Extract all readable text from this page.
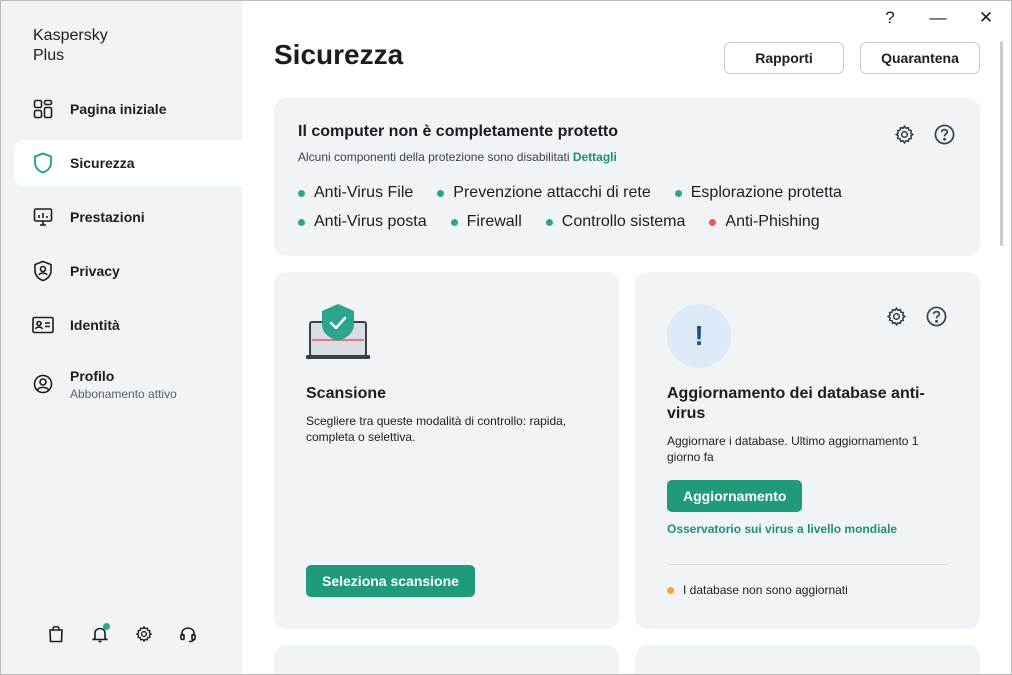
Kaspersky
Plus
Pagina iniziale
Sicurezza
Prestazioni
Privacy
Identità
Profilo
Abbonamento attivo
?	—	✕
Sicurezza	Rapporti	Quarantena
Il computer non è completamente protetto
Alcuni componenti della protezione sono disabilitati Dettagli
Anti-Virus File	Prevenzione attacchi di rete	Esplorazione protetta
Anti-Virus posta	Firewall	Controllo sistema	Anti-Phishing
Scansione
Scegliere tra queste modalità di controllo: rapida, completa o selettiva.
Seleziona scansione
!
Aggiornamento dei database anti-virus
Aggiornare i database. Ultimo aggiornamento 1 giorno fa
Aggiornamento
Osservatorio sui virus a livello mondiale
I database non sono aggiornati
